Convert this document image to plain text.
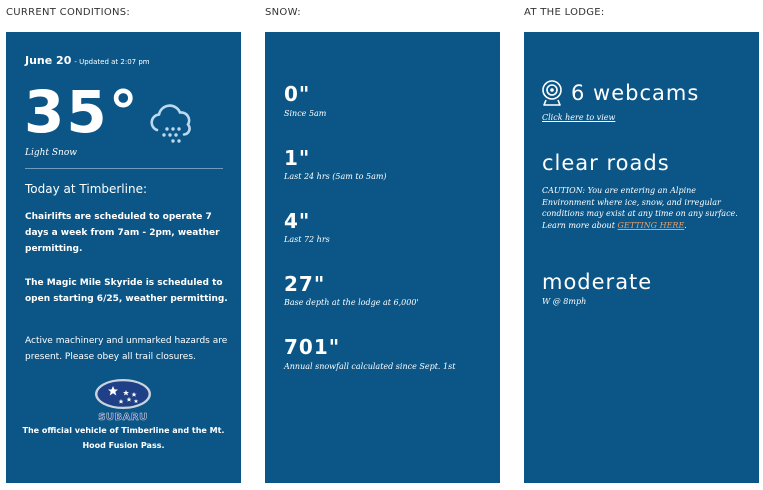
CURRENT CONDITIONS:	SNOW:	AT THE LODGE:
June 20 - Updated at 2:07 pm
35°
Light Snow
Today at Timberline:
Chairlifts are scheduled to operate 7 days a week from 7am - 2pm, weather permitting.
The Magic Mile Skyride is scheduled to open starting 6/25, weather permitting.
Active machinery and unmarked hazards are present. Please obey all trail closures.
SUBARU
The official vehicle of Timberline and the Mt. Hood Fusion Pass.
0"
Since 5am
1"
Last 24 hrs (5am to 5am)
4"
Last 72 hrs
27"
Base depth at the lodge at 6,000'
701"
Annual snowfall calculated since Sept. 1st
6 webcams
Click here to view
clear roads
CAUTION: You are entering an Alpine Environment where ice, snow, and irregular conditions may exist at any time on any surface. Learn more about GETTING HERE.
moderate
W @ 8mph
